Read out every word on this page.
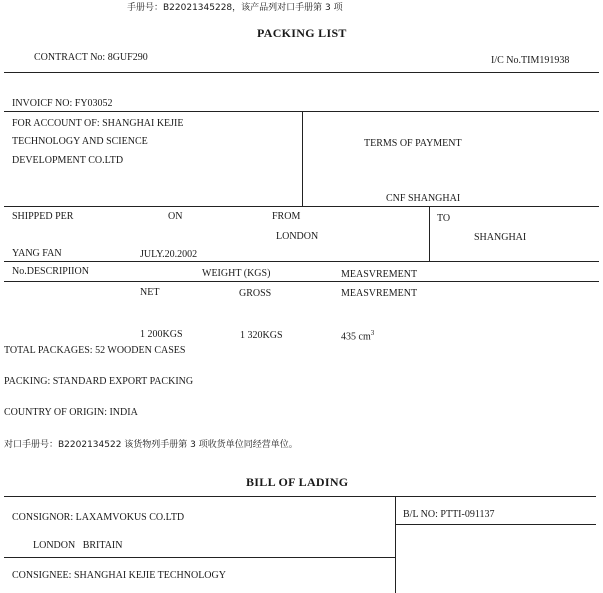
手册号：B22021345228，该产品列对口手册第 3 项
PACKING LIST
CONTRACT No: 8GUF290	I/C No.TIM191938
INVOICF NO: FY03052
FOR ACCOUNT OF: SHANGHAI KEJIE
TECHNOLOGY AND SCIENCE
DEVELOPMENT CO.LTD
TERMS OF PAYMENT
CNF SHANGHAI
SHIPPED PER	ON	FROM
LONDON
TO
SHANGHAI
YANG FAN	JULY.20.2002
No.DESCRIPIION	WEIGHT (KGS)	MEASVREMENT
NET	GROSS	MEASVREMENT
1 200KGS	1 320KGS	435 $cm^3$
TOTAL PACKAGES: 52 WOODEN CASES
PACKING: STANDARD EXPORT PACKING
COUNTRY OF ORIGIN: INDIA
对口手册号：B2202134522 该货物列手册第 3 项收货单位同经营单位。
BILL OF LADING
CONSIGNOR: LAXAMVOKUS CO.LTD
LONDON   BRITAIN
B/L NO: PTTI-091137
CONSIGNEE: SHANGHAI KEJIE TECHNOLOGY
